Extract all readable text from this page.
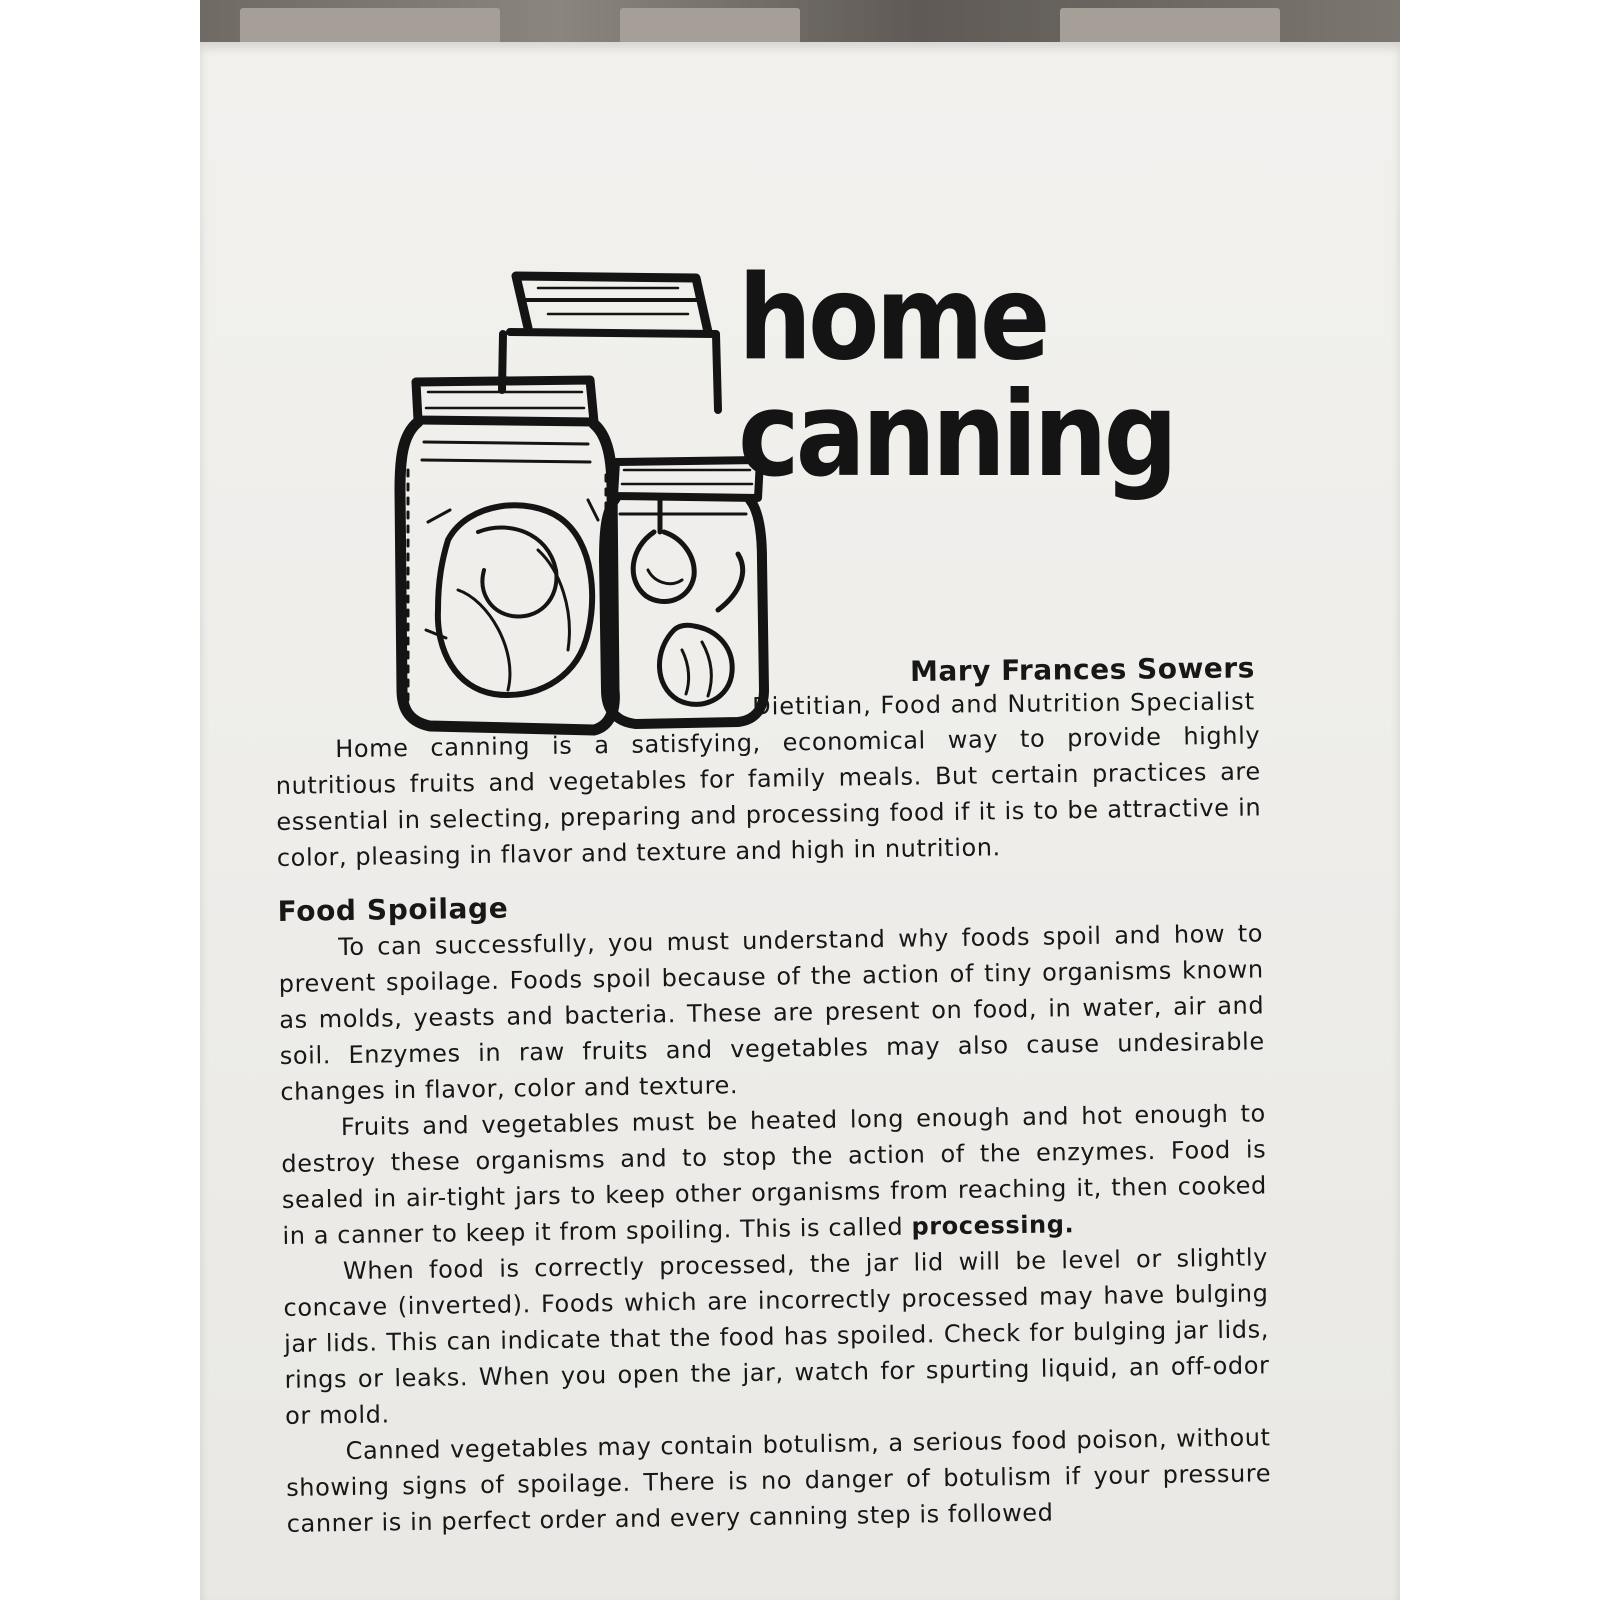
home
canning
Mary Frances Sowers
Dietitian, Food and Nutrition Specialist

Home canning is a satisfying, economical way to provide highly nutritious fruits and vegetables for family meals. But certain practices are essential in selecting, preparing and processing food if it is to be attractive in color, pleasing in flavor and texture and high in nutrition.

Food Spoilage

To can successfully, you must understand why foods spoil and how to prevent spoilage. Foods spoil because of the action of tiny organisms known as molds, yeasts and bacteria. These are present on food, in water, air and soil. Enzymes in raw fruits and vegetables may also cause undesirable changes in flavor, color and texture.

Fruits and vegetables must be heated long enough and hot enough to destroy these organisms and to stop the action of the enzymes. Food is sealed in air-tight jars to keep other organisms from reaching it, then cooked in a canner to keep it from spoiling. This is called processing.

When food is correctly processed, the jar lid will be level or slightly concave (inverted). Foods which are incorrectly processed may have bulging jar lids. This can indicate that the food has spoiled. Check for bulging jar lids, rings or leaks. When you open the jar, watch for spurting liquid, an off-odor or mold.

Canned vegetables may contain botulism, a serious food poison, without showing signs of spoilage. There is no danger of botulism if your pressure canner is in perfect order and every canning step is followed
